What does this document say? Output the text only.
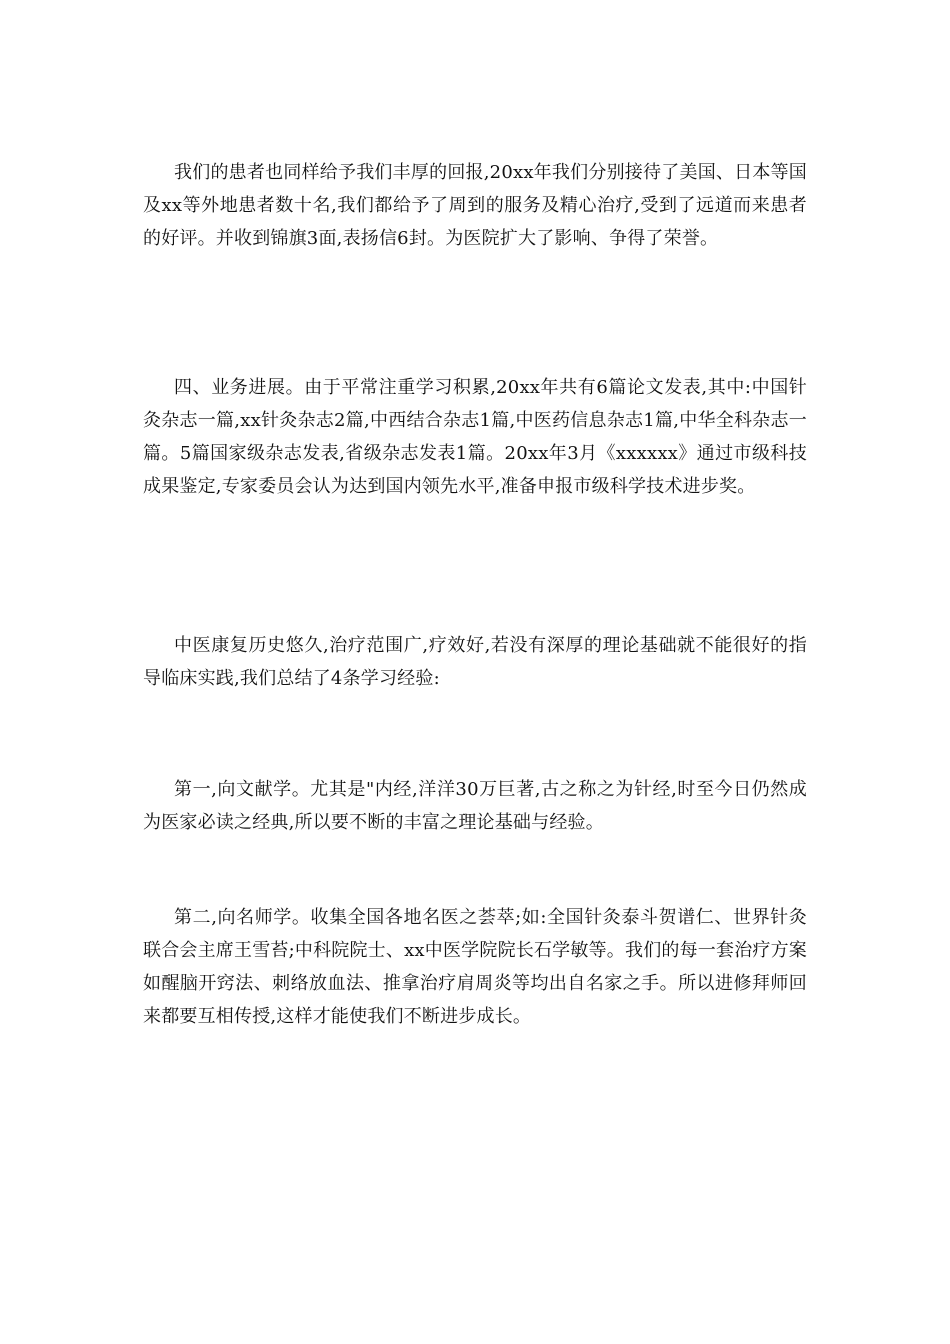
我们的患者也同样给予我们丰厚的回报,20xx年我们分别接待了美国、日本等国及xx等外地患者数十名,我们都给予了周到的服务及精心治疗,受到了远道而来患者的好评。并收到锦旗3面,表扬信6封。为医院扩大了影响、争得了荣誉。

四、业务进展。由于平常注重学习积累,20xx年共有6篇论文发表,其中:中国针灸杂志一篇,xx针灸杂志2篇,中西结合杂志1篇,中医药信息杂志1篇,中华全科杂志一篇。5篇国家级杂志发表,省级杂志发表1篇。20xx年3月《xxxxxx》通过市级科技成果鉴定,专家委员会认为达到国内领先水平,准备申报市级科学技术进步奖。

中医康复历史悠久,治疗范围广,疗效好,若没有深厚的理论基础就不能很好的指导临床实践,我们总结了4条学习经验:

第一,向文献学。尤其是"内经,洋洋30万巨著,古之称之为针经,时至今日仍然成为医家必读之经典,所以要不断的丰富之理论基础与经验。

第二,向名师学。收集全国各地名医之荟萃;如:全国针灸泰斗贺谱仁、世界针灸联合会主席王雪苔;中科院院士、xx中医学院院长石学敏等。我们的每一套治疗方案如醒脑开窍法、刺络放血法、推拿治疗肩周炎等均出自名家之手。所以进修拜师回来都要互相传授,这样才能使我们不断进步成长。
